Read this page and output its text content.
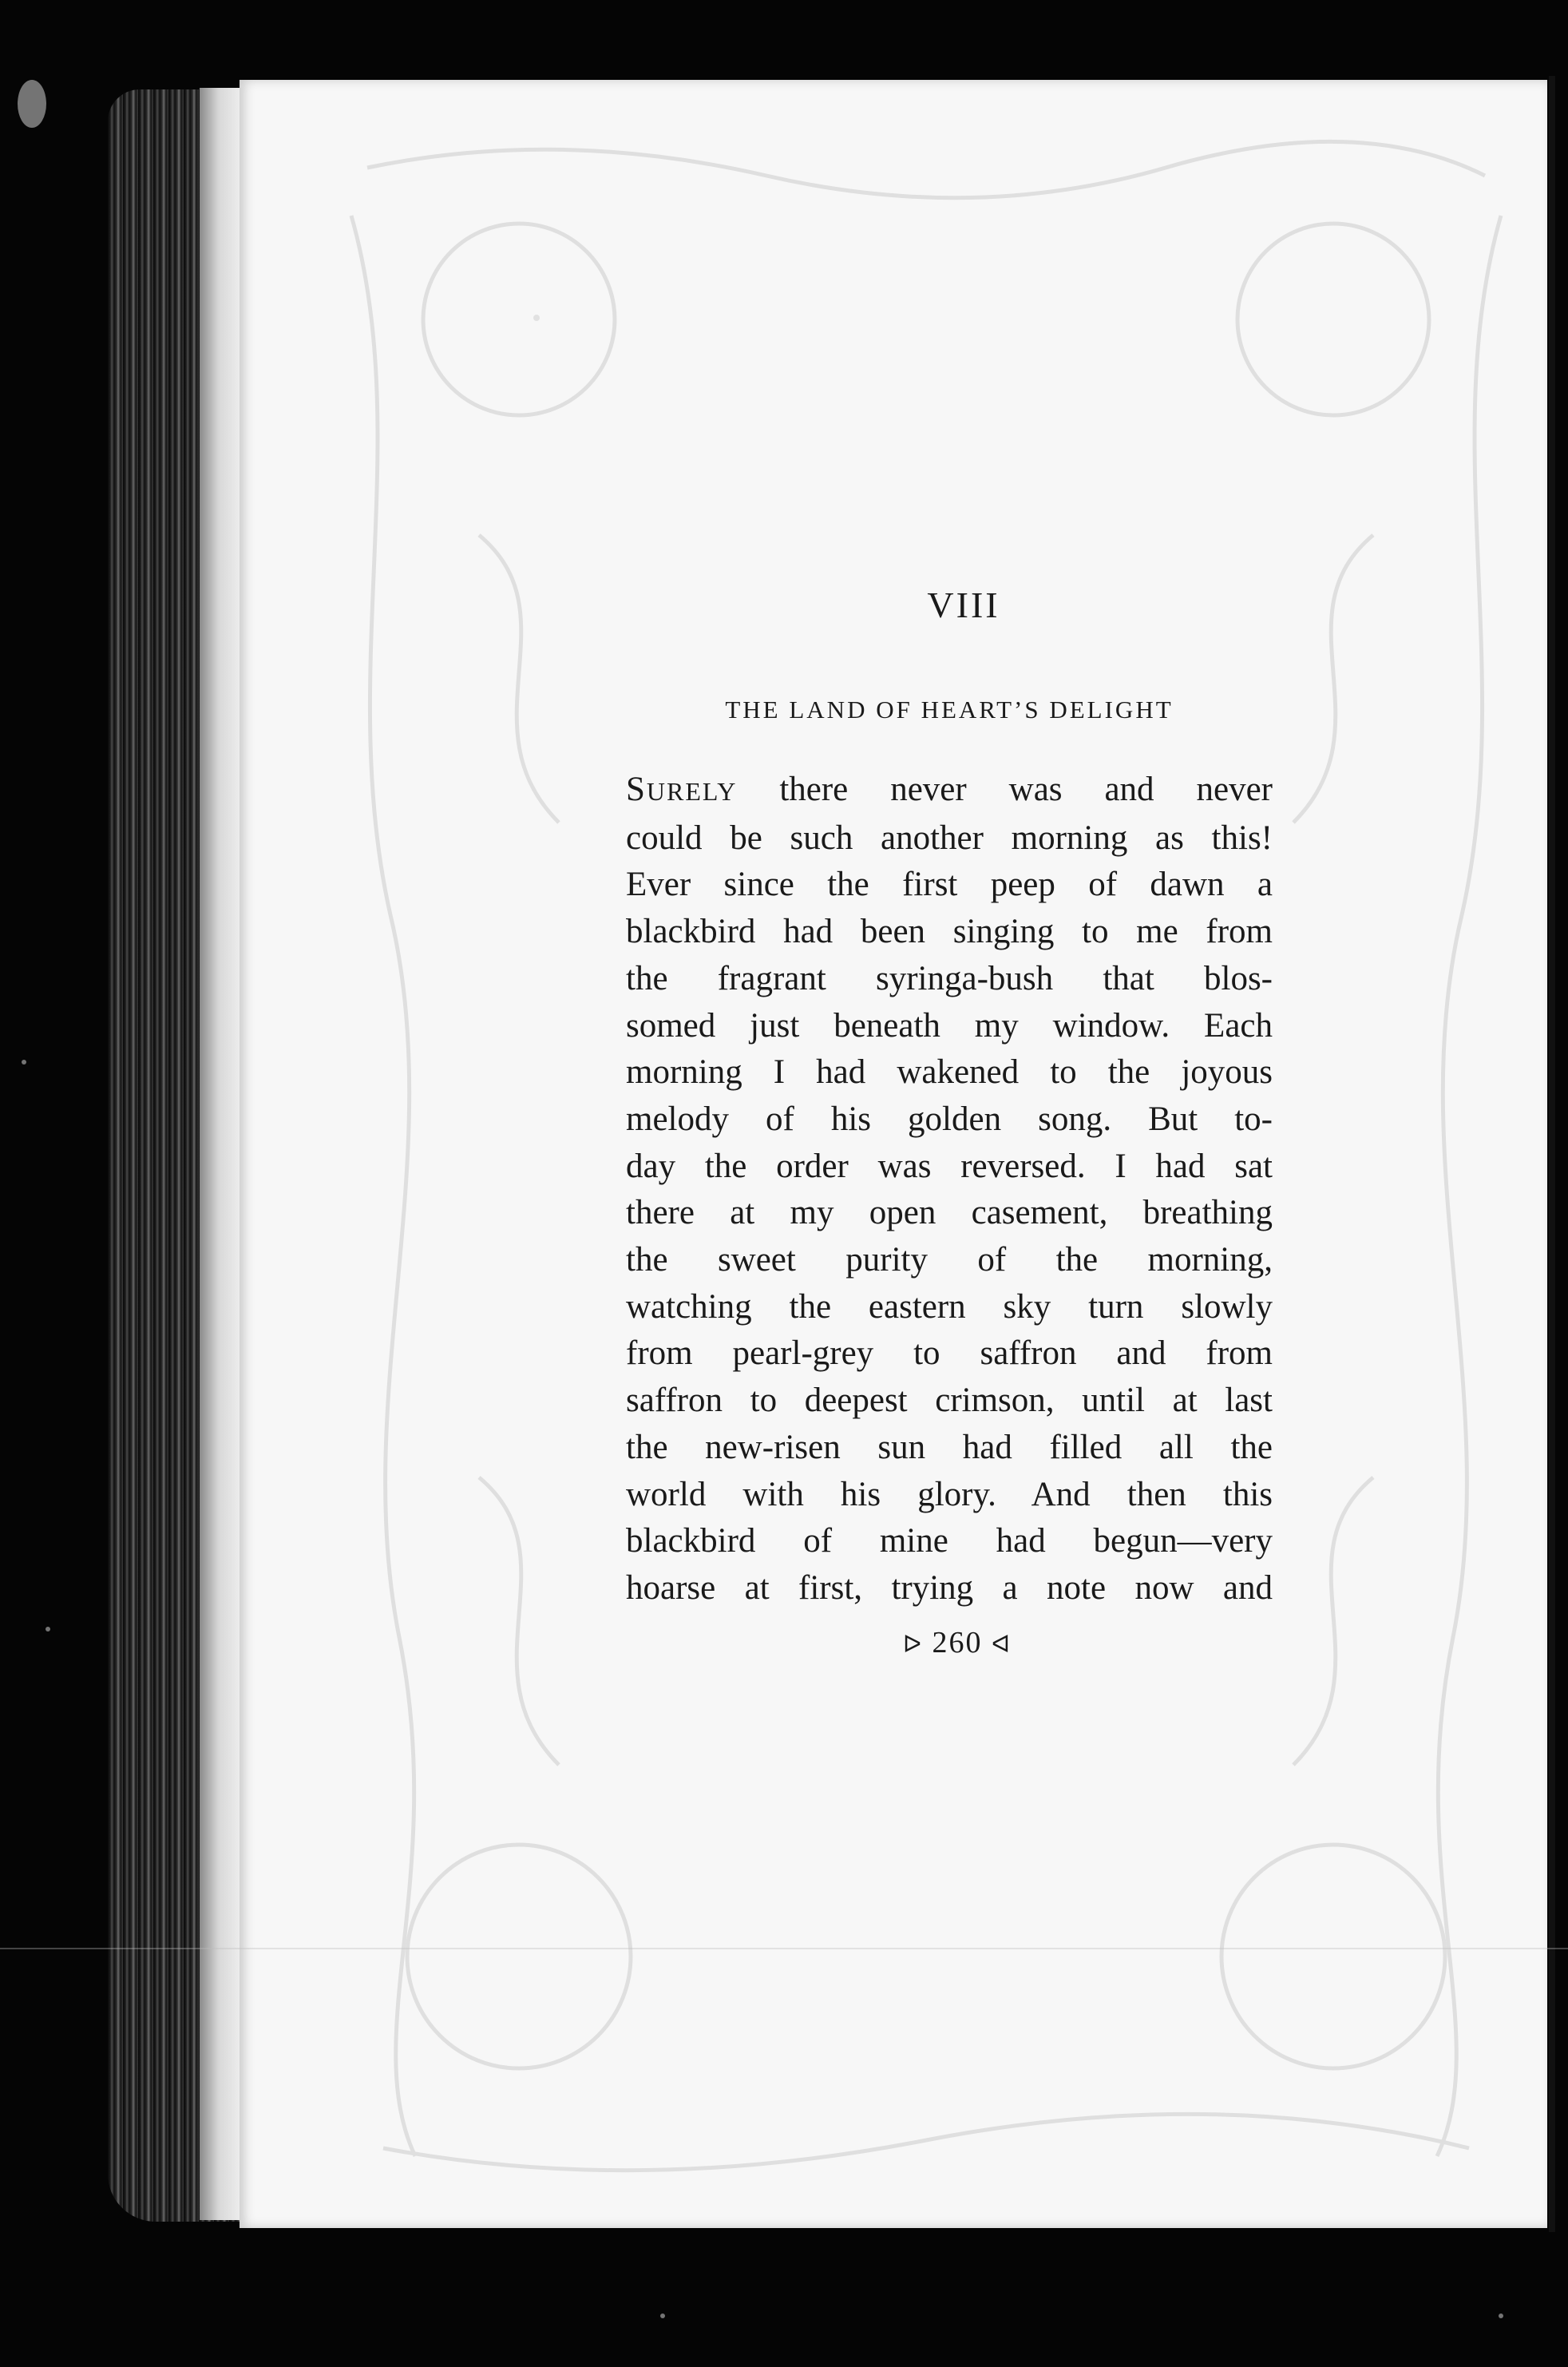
VIII
THE LAND OF HEART’S DELIGHT
SURELY there never was and never
could be such another morning as this!
Ever since the first peep of dawn a
blackbird had been singing to me from
the fragrant syringa-bush that blos-
somed just beneath my window. Each
morning I had wakened to the joyous
melody of his golden song. But to-
day the order was reversed. I had sat
there at my open casement, breathing
the sweet purity of the morning,
watching the eastern sky turn slowly
from pearl-grey to saffron and from
saffron to deepest crimson, until at last
the new-risen sun had filled all the
world with his glory. And then this
blackbird of mine had begun—very
hoarse at first, trying a note now and
ᐅ 260 ᐊ
